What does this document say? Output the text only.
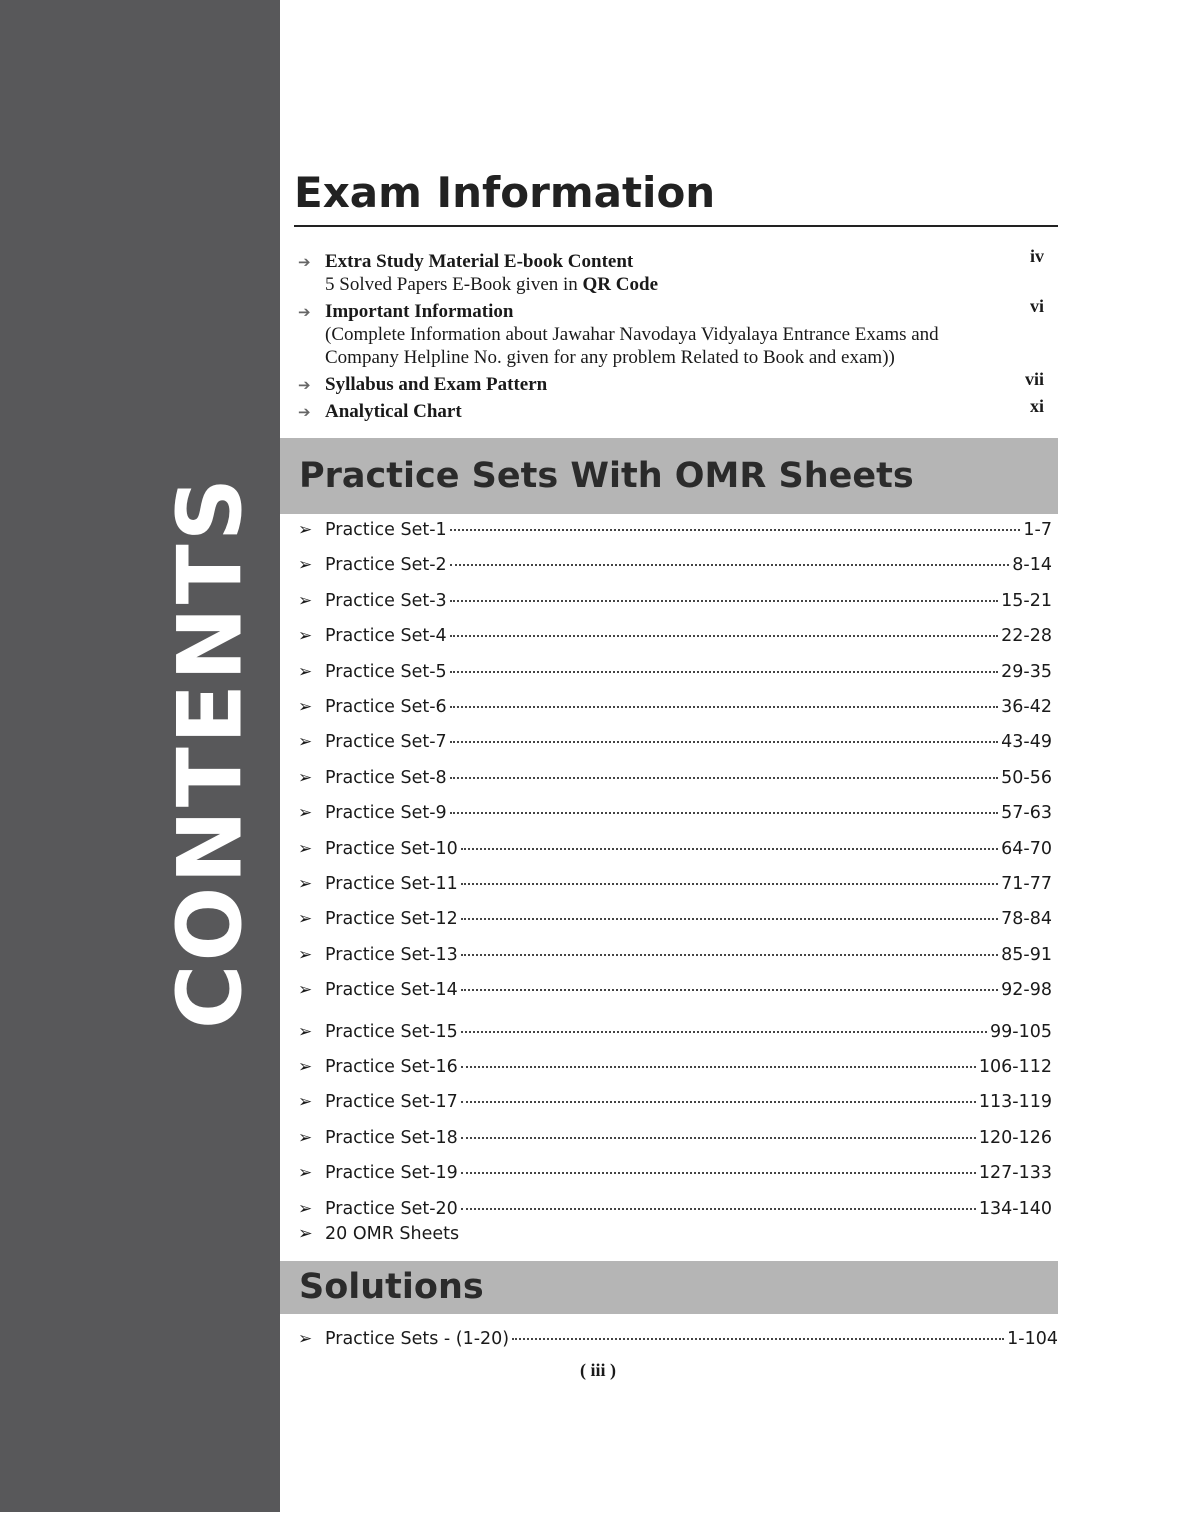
CONTENTS
Exam Information
➔ Extra Study Material E-book Content	iv
5 Solved Papers E-Book given in QR Code
➔ Important Information	vi
(Complete Information about Jawahar Navodaya Vidyalaya Entrance Exams and
Company Helpline No. given for any problem Related to Book and exam))
➔ Syllabus and Exam Pattern	vii
➔ Analytical Chart	xi
Practice Sets With OMR Sheets
➢ Practice Set-1	1-7
➢ Practice Set-2	8-14
➢ Practice Set-3	15-21
➢ Practice Set-4	22-28
➢ Practice Set-5	29-35
➢ Practice Set-6	36-42
➢ Practice Set-7	43-49
➢ Practice Set-8	50-56
➢ Practice Set-9	57-63
➢ Practice Set-10	64-70
➢ Practice Set-11	71-77
➢ Practice Set-12	78-84
➢ Practice Set-13	85-91
➢ Practice Set-14	92-98
➢ Practice Set-15	99-105
➢ Practice Set-16	106-112
➢ Practice Set-17	113-119
➢ Practice Set-18	120-126
➢ Practice Set-19	127-133
➢ Practice Set-20	134-140
➢ 20 OMR Sheets
Solutions
➢ Practice Sets - (1-20)	1-104
( iii )
